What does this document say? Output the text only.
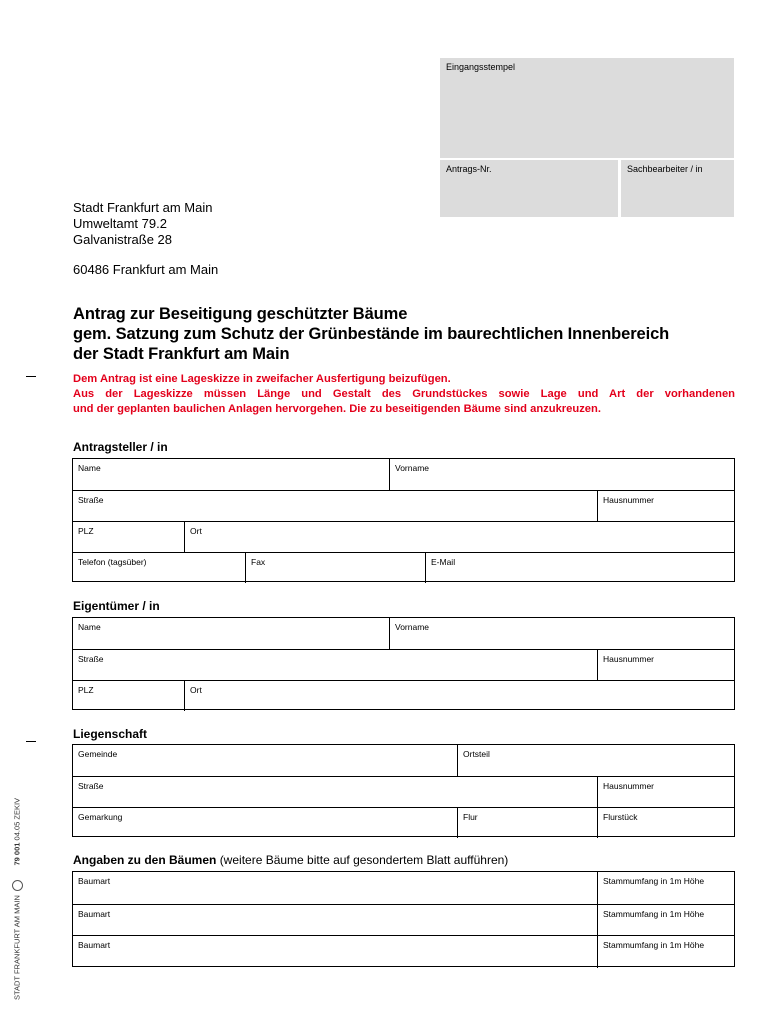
Eingangsstempel
Antrags-Nr.	Sachbearbeiter / in
Stadt Frankfurt am Main
Umweltamt 79.2
Galvanistraße 28
60486 Frankfurt am Main
Antrag zur Beseitigung geschützter Bäume
gem. Satzung zum Schutz der Grünbestände im baurechtlichen Innenbereich
der Stadt Frankfurt am Main
Dem Antrag ist eine Lageskizze in zweifacher Ausfertigung beizufügen.
Aus der Lageskizze müssen Länge und Gestalt des Grundstückes sowie Lage und Art der vorhandenen
und der geplanten baulichen Anlagen hervorgehen. Die zu beseitigenden Bäume sind anzukreuzen.
Antragsteller / in
Name	Vorname
Straße	Hausnummer
PLZ	Ort
Telefon (tagsüber)	Fax	E-Mail
Eigentümer / in
Name	Vorname
Straße	Hausnummer
PLZ	Ort
Liegenschaft
Gemeinde	Ortsteil
Straße	Hausnummer
Gemarkung	Flur	Flurstück
Angaben zu den Bäumen (weitere Bäume bitte auf gesondertem Blatt aufführen)
Baumart	Stammumfang in 1m Höhe
Baumart	Stammumfang in 1m Höhe
Baumart	Stammumfang in 1m Höhe
STADT FRANKFURT AM MAIN       79 001 04.05 ZEKIV
